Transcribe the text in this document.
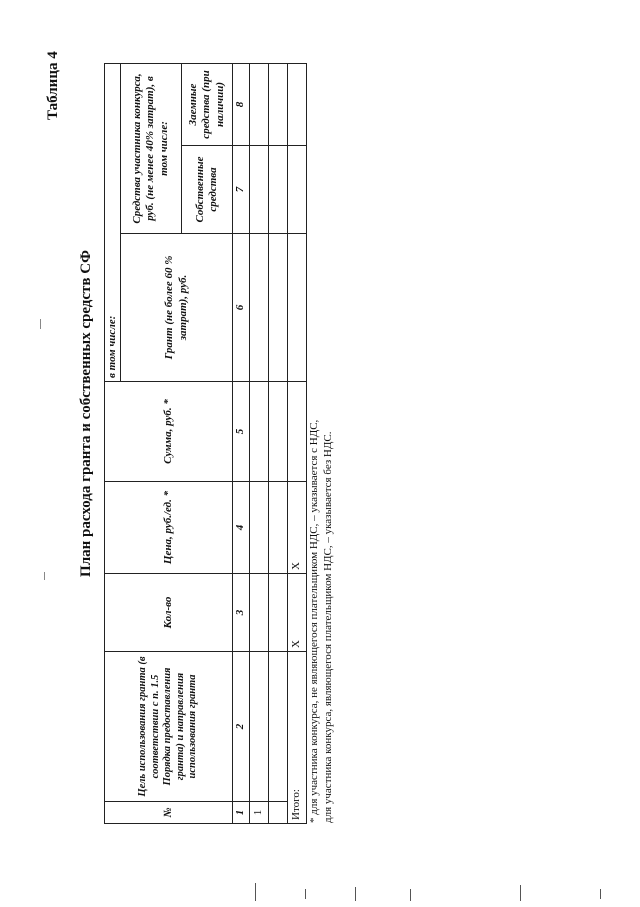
Таблица 4
План расхода гранта и собственных средств СФ
№	Цель использования гранта (в соответствии с п. 1.5 Порядка предоставления гранта) и направления использования гранта	Кол-во	Цена, руб./ед. *	Сумма, руб. *	в том числе:		
					Грант (не более 60 % затрат), руб.	Средства участника конкурса, руб. (не менее 40% затрат), в том числе:	
						Собственные средства	Заемные средства (при наличии)
1	2	3	4	5	6	7	8
1							

Итого:		X	X				* для участника конкурса, не являющегося плательщиком НДС, – указывается с НДС, для участника конкурса, являющегося плательщиком НДС, – указывается без НДС.
